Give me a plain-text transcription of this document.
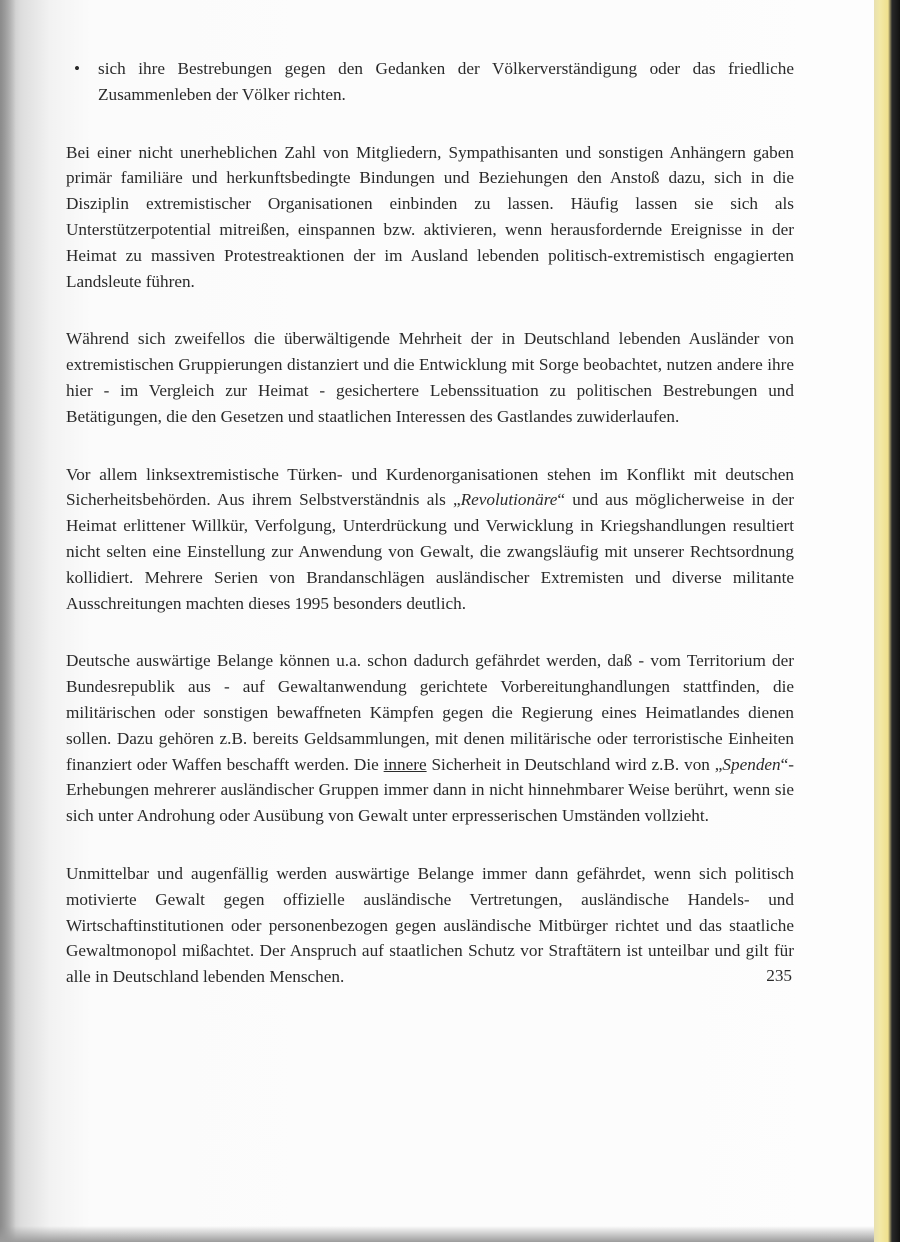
• sich ihre Bestrebungen gegen den Gedanken der Völkerverständigung oder das friedliche Zusammenleben der Völker richten.

Bei einer nicht unerheblichen Zahl von Mitgliedern, Sympathisanten und sonstigen Anhängern gaben primär familiäre und herkunftsbedingte Bindungen und Beziehungen den Anstoß dazu, sich in die Disziplin extremistischer Organisationen einbinden zu lassen. Häufig lassen sie sich als Unterstützerpotential mitreißen, einspannen bzw. aktivieren, wenn herausfordernde Ereignisse in der Heimat zu massiven Protestreaktionen der im Ausland lebenden politisch-extremistisch engagierten Landsleute führen.

Während sich zweifellos die überwältigende Mehrheit der in Deutschland lebenden Ausländer von extremistischen Gruppierungen distanziert und die Entwicklung mit Sorge beobachtet, nutzen andere ihre hier - im Vergleich zur Heimat - gesichertere Lebenssituation zu politischen Bestrebungen und Betätigungen, die den Gesetzen und staatlichen Interessen des Gastlandes zuwiderlaufen.

Vor allem linksextremistische Türken- und Kurdenorganisationen stehen im Konflikt mit deutschen Sicherheitsbehörden. Aus ihrem Selbstverständnis als „Revolutionäre“ und aus möglicherweise in der Heimat erlittener Willkür, Verfolgung, Unterdrückung und Verwicklung in Kriegshandlungen resultiert nicht selten eine Einstellung zur Anwendung von Gewalt, die zwangsläufig mit unserer Rechtsordnung kollidiert. Mehrere Serien von Brandanschlägen ausländischer Extremisten und diverse militante Ausschreitungen machten dieses 1995 besonders deutlich.

Deutsche auswärtige Belange können u.a. schon dadurch gefährdet werden, daß - vom Territorium der Bundesrepublik aus - auf Gewaltanwendung gerichtete Vorbereitunghandlungen stattfinden, die militärischen oder sonstigen bewaffneten Kämpfen gegen die Regierung eines Heimatlandes dienen sollen. Dazu gehören z.B. bereits Geldsammlungen, mit denen militärische oder terroristische Einheiten finanziert oder Waffen beschafft werden. Die innere Sicherheit in Deutschland wird z.B. von „Spenden“- Erhebungen mehrerer ausländischer Gruppen immer dann in nicht hinnehmbarer Weise berührt, wenn sie sich unter Androhung oder Ausübung von Gewalt unter erpresserischen Umständen vollzieht.

Unmittelbar und augenfällig werden auswärtige Belange immer dann gefährdet, wenn sich politisch motivierte Gewalt gegen offizielle ausländische Vertretungen, ausländische Handels- und Wirtschaftinstitutionen oder personenbezogen gegen ausländische Mitbürger richtet und das staatliche Gewaltmonopol mißachtet. Der Anspruch auf staatlichen Schutz vor Straftätern ist unteilbar und gilt für alle in Deutschland lebenden Menschen.	235
